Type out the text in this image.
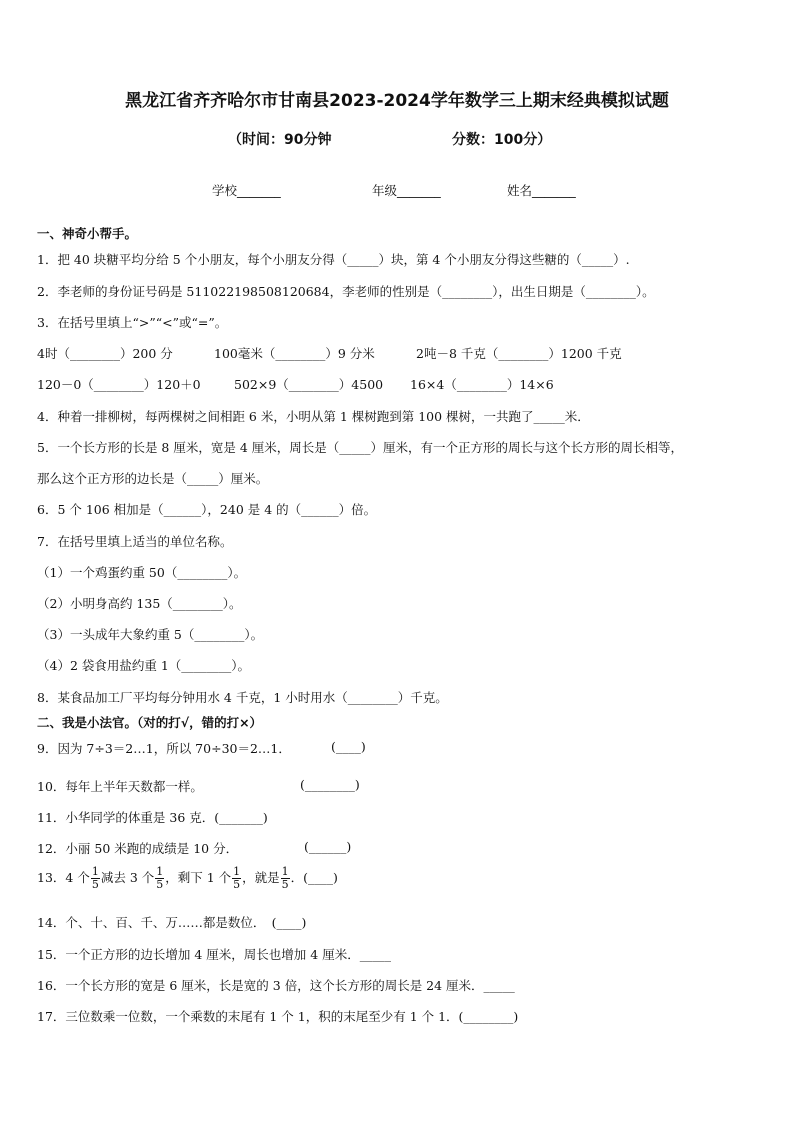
黑龙江省齐齐哈尔市甘南县2023-2024学年数学三上期末经典模拟试题
（时间：90分钟	分数：100分）
学校_______	年级_______	姓名_______
一、神奇小帮手。
1．把 40 块糖平均分给 5 个小朋友，每个小朋友分得（_____）块，第 4 个小朋友分得这些糖的（_____）.
2．李老师的身份证号码是 511022198508120684，李老师的性别是（________），出生日期是（________）。
3．在括号里填上“>”“<”或“=”。
4时（________）200 分	100毫米（________）9 分米	2吨－8 千克（________）1200 千克
120－0（________）120＋0	502×9（________）4500 16×4（________）14×6
4．种着一排柳树，每两棵树之间相距 6 米，小明从第 1 棵树跑到第 100 棵树，一共跑了_____米．
5．一个长方形的长是 8 厘米，宽是 4 厘米，周长是（_____）厘米，有一个正方形的周长与这个长方形的周长相等，
那么这个正方形的边长是（_____）厘米。
6．5 个 106 相加是（______），240 是 4 的（______）倍。
7．在括号里填上适当的单位名称。
（1）一个鸡蛋约重 50（________）。
（2）小明身高约 135（________）。
（3）一头成年大象约重 5（________）。
（4）2 袋食用盐约重 1（________）。
8．某食品加工厂平均每分钟用水 4 千克，1 小时用水（________）千克。
二、我是小法官。（对的打√，错的打×）
9．因为 7÷3＝2…1，所以 70÷30＝2…1．	(____)
10．每年上半年天数都一样。	(________)
11．小华同学的体重是 36 克．(_______)
12．小丽 50 米跑的成绩是 10 分．	(______)
13．4 个 $\frac{1}{5}$ 减去 3 个 $\frac{1}{5}$ ，剩下 1 个 $\frac{1}{5}$ ，就是 $\frac{1}{5}$ ．(____)
14．个、十、百、千、万……都是数位．　(____)
15．一个正方形的边长增加 4 厘米，周长也增加 4 厘米．_____
16．一个长方形的宽是 6 厘米，长是宽的 3 倍，这个长方形的周长是 24 厘米．_____
17．三位数乘一位数，一个乘数的末尾有 1 个 1，积的末尾至少有 1 个 1．(________)
